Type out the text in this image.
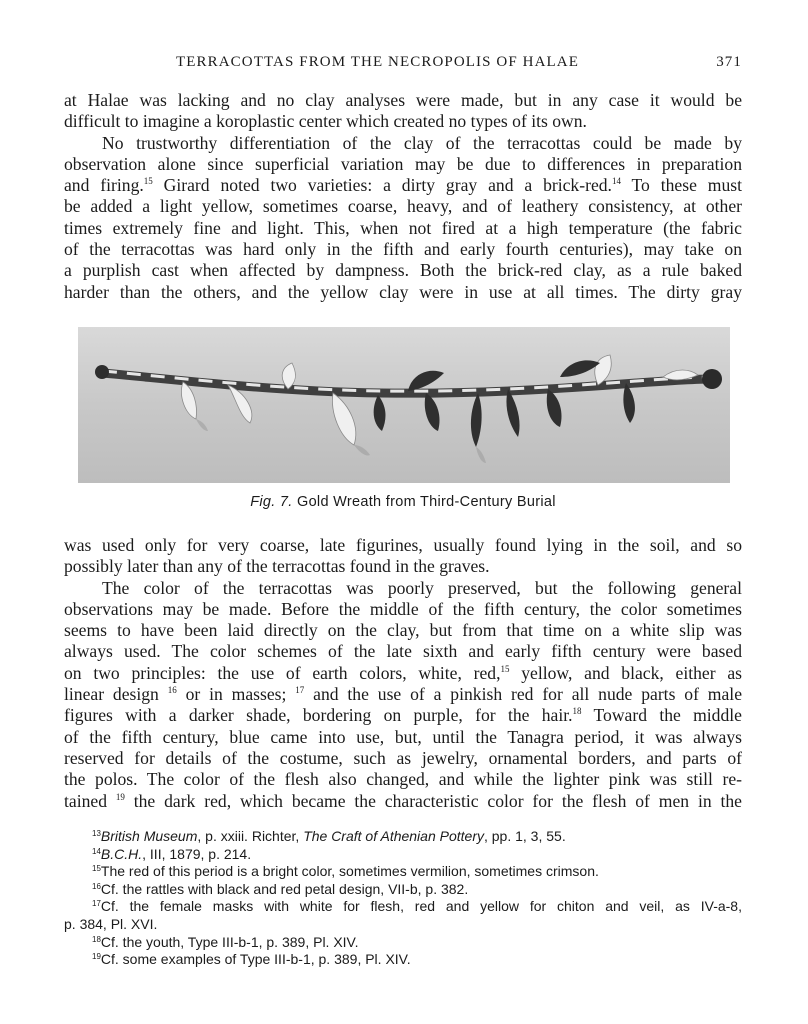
TERRACOTTAS FROM THE NECROPOLIS OF HALAE	371
at Halae was lacking and no clay analyses were made, but in any case it would be
difficult to imagine a koroplastic center which created no types of its own.
No trustworthy differentiation of the clay of the terracottas could be made by
observation alone since superficial variation may be due to differences in preparation
and firing.$^{15}$ Girard noted two varieties: a dirty gray and a brick-red.$^{14}$ To these must
be added a light yellow, sometimes coarse, heavy, and of leathery consistency, at other
times extremely fine and light. This, when not fired at a high temperature (the fabric
of the terracottas was hard only in the fifth and early fourth centuries), may take on
a purplish cast when affected by dampness. Both the brick-red clay, as a rule baked
harder than the others, and the yellow clay were in use at all times. The dirty gray
Fig. 7. Gold Wreath from Third-Century Burial
was used only for very coarse, late figurines, usually found lying in the soil, and so
possibly later than any of the terracottas found in the graves.
The color of the terracottas was poorly preserved, but the following general
observations may be made. Before the middle of the fifth century, the color sometimes
seems to have been laid directly on the clay, but from that time on a white slip was
always used. The color schemes of the late sixth and early fifth century were based
on two principles: the use of earth colors, white, red,$^{15}$ yellow, and black, either as
linear design $^{16}$ or in masses; $^{17}$ and the use of a pinkish red for all nude parts of male
figures with a darker shade, bordering on purple, for the hair.$^{18}$ Toward the middle
of the fifth century, blue came into use, but, until the Tanagra period, it was always
reserved for details of the costume, such as jewelry, ornamental borders, and parts of
the polos. The color of the flesh also changed, and while the lighter pink was still re-
tained $^{19}$ the dark red, which became the characteristic color for the flesh of men in the
$^{13}$British Museum, p. xxiii. Richter, The Craft of Athenian Pottery, pp. 1, 3, 55.
$^{14}$B.C.H., III, 1879, p. 214.
$^{15}$The red of this period is a bright color, sometimes vermilion, sometimes crimson.
$^{16}$Cf. the rattles with black and red petal design, VII-b, p. 382.
$^{17}$Cf. the female masks with white for flesh, red and yellow for chiton and veil, as IV-a-8,
p. 384, Pl. XVI.
$^{18}$Cf. the youth, Type III-b-1, p. 389, Pl. XIV.
$^{19}$Cf. some examples of Type III-b-1, p. 389, Pl. XIV.
